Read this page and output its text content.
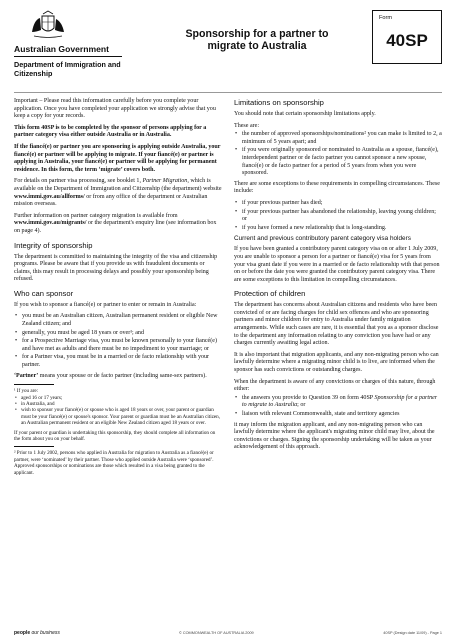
Australian Government
Department of Immigration and Citizenship
Sponsorship for a partner to migrate to Australia
Form
40SP

Important – Please read this information carefully before you complete your application. Once you have completed your application we strongly advise that you keep a copy for your records.

This form 40SP is to be completed by the sponsor of persons applying for a partner category visa either outside Australia or in Australia.

If the fiancé(e) or partner you are sponsoring is applying outside Australia, your fiancé(e) or partner will be applying to migrate. If your fiancé(e) or partner is applying in Australia, your fiancé(e) or partner will be applying for permanent residence. In this form, the term ‘migrate’ covers both.

For details on partner visa processing, see booklet 1, Partner Migration, which is available on the Department of Immigration and Citizenship (the department) website www.immi.gov.au/allforms/ or from any office of the department or Australian mission overseas.

Further information on partner category migration is available from www.immi.gov.au/migrants/ or the department's enquiry line (see information box on page 4).

Integrity of sponsorship

The department is committed to maintaining the integrity of the visa and citizenship programs. Please be aware that if you provide us with fraudulent documents or claims, this may result in processing delays and possibly your sponsorship being refused.

Who can sponsor

If you wish to sponsor a fiancé(e) or partner to enter or remain in Australia:

• you must be an Australian citizen, Australian permanent resident or eligible New Zealand citizen; and
• generally, you must be aged 18 years or over¹; and
• for a Prospective Marriage visa, you must be known personally to your fiancé(e) and have met as adults and there must be no impediment to your marriage; or
• for a Partner visa, you must be in a married or de facto relationship with your partner.

‘Partner’ means your spouse or de facto partner (including same-sex partners).

¹ If you are:
• aged 16 or 17 years;
• in Australia, and
• wish to sponsor your fiancé(e) or spouse who is aged 18 years or over, your parent or guardian must be your fiancé(e) or spouse's sponsor. Your parent or guardian must be an Australian citizen, an Australian permanent resident or an eligible New Zealand citizen aged 18 years or over.

If your parent or guardian is undertaking this sponsorship, they should complete all information on the form about you on your behalf.

² Prior to 1 July 2002, persons who applied in Australia for migration to Australia as a fiancé(e) or partner, were ‘nominated’ by their partner. Those who applied outside Australia were ‘sponsored’. Approved sponsorships or nominations are those which resulted in a visa being granted to the applicant.

Limitations on sponsorship

You should note that certain sponsorship limitations apply.

These are:

• the number of approved sponsorships/nominations² you can make is limited to 2, a minimum of 5 years apart; and
• if you were originally sponsored or nominated to Australia as a spouse, fiancé(e), interdependent partner or de facto partner you cannot sponsor a new spouse, fiancé(e) or de facto partner for a period of 5 years from when you were sponsored.

There are some exceptions to these requirements in compelling circumstances. These include:

• if your previous partner has died;
• if your previous partner has abandoned the relationship, leaving young children; or
• if you have formed a new relationship that is long-standing.
Current and previous contributory parent category visa holders

If you have been granted a contributory parent category visa on or after 1 July 2009, you are unable to sponsor a person for a partner or fiancé(e) visa for 5 years from your visa grant date if you were in a married or de facto relationship with that person on or before the date you were granted the contributory parent category visa. There are some exceptions to this limitation in compelling circumstances.

Protection of children

The department has concerns about Australian citizens and residents who have been convicted of or are facing charges for child sex offences and who are sponsoring partners and minor children for entry to Australia under family migration arrangements. While such cases are rare, it is essential that you as a sponsor disclose to the department any information relating to any conviction you have had or any charges currently awaiting legal action.

It is also important that migration applicants, and any non-migrating person who can lawfully determine where a migrating minor child is to live, are informed when the sponsor has such convictions or outstanding charges.

When the department is aware of any convictions or charges of this nature, through either:

• the answers you provide to Question 39 on form 40SP Sponsorship for a partner to migrate to Australia; or
• liaison with relevant Commonwealth, state and territory agencies

it may inform the migration applicant, and any non-migrating person who can lawfully determine where the applicant's migrating minor child may live, about the convictions or charges. Signing the sponsorship undertaking will be taken as your acknowledgement of this approach.

people our business	© COMMONWEALTH OF AUSTRALIA 2009	40SP (Design date 11/09) - Page 1
